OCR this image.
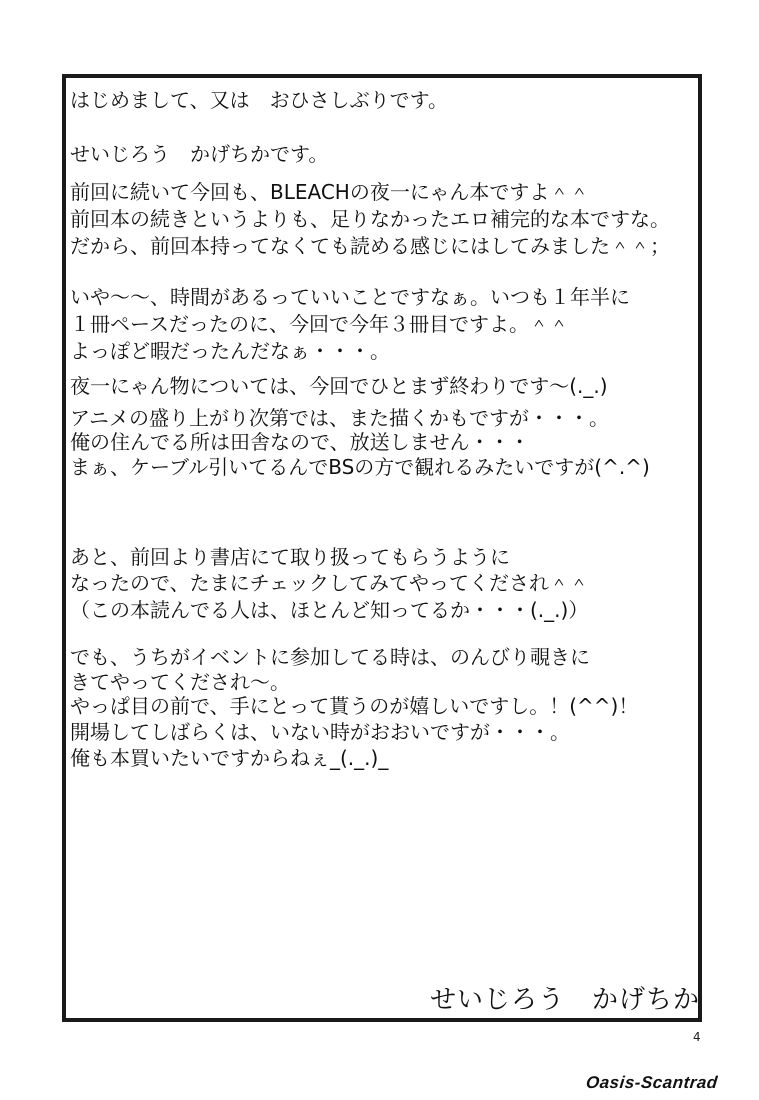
はじめまして、又は　おひさしぶりです。
せいじろう　かげちかです。
前回に続いて今回も、BLEACHの夜一にゃん本ですよ＾＾
前回本の続きというよりも、足りなかったエロ補完的な本ですな。
だから、前回本持ってなくても読める感じにはしてみました＾＾；
いや～～、時間があるっていいことですなぁ。いつも１年半に
１冊ペースだったのに、今回で今年３冊目ですよ。＾＾
よっぽど暇だったんだなぁ・・・。
夜一にゃん物については、今回でひとまず終わりです～(._.)
アニメの盛り上がり次第では、また描くかもですが・・・。
俺の住んでる所は田舎なので、放送しません・・・
まぁ、ケーブル引いてるんでBSの方で観れるみたいですが(^.^)
あと、前回より書店にて取り扱ってもらうように
なったので、たまにチェックしてみてやってくだされ＾＾
（この本読んでる人は、ほとんど知ってるか・・・(._.)）
でも、うちがイベントに参加してる時は、のんびり覗きに
きてやってくだされ～。
やっぱ目の前で、手にとって貰うのが嬉しいですし。！(^^)！
開場してしばらくは、いない時がおおいですが・・・。
俺も本買いたいですからねぇ_(._.)_
せいじろう　かげちか
4
Oasis-Scantrad
